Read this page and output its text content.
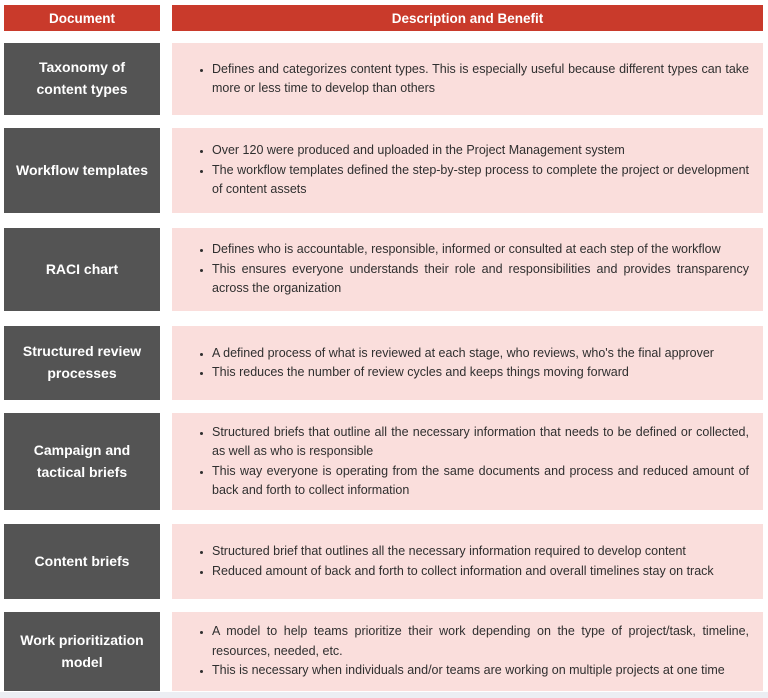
Document	Description and Benefit
Taxonomy of content types
• Defines and categorizes content types. This is especially useful because different types can take more or less time to develop than others
Workflow templates
• Over 120 were produced and uploaded in the Project Management system
• The workflow templates defined the step-by-step process to complete the project or development of content assets
RACI chart
• Defines who is accountable, responsible, informed or consulted at each step of the workflow
• This ensures everyone understands their role and responsibilities and provides transparency across the organization
Structured review processes
• A defined process of what is reviewed at each stage, who reviews, who's the final approver
• This reduces the number of review cycles and keeps things moving forward
Campaign and tactical briefs
• Structured briefs that outline all the necessary information that needs to be defined or collected, as well as who is responsible
• This way everyone is operating from the same documents and process and reduced amount of back and forth to collect information
Content briefs
• Structured brief that outlines all the necessary information required to develop content
• Reduced amount of back and forth to collect information and overall timelines stay on track
Work prioritization model
• A model to help teams prioritize their work depending on the type of project/task, timeline, resources, needed, etc.
• This is necessary when individuals and/or teams are working on multiple projects at one time
